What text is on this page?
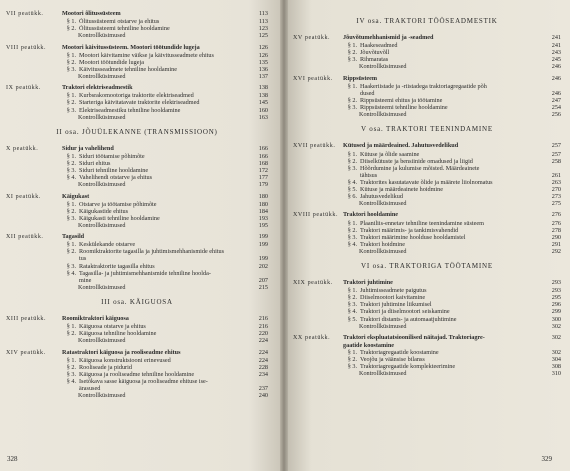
VII peatükk.	Mootori õlitussüsteem	113
§ 1. Õlitussüsteemi otstarve ja ehitus	113
§ 2. Õlitussüsteemi tehniline hooldamine	123
Kontrollküsimused	125
VIII peatükk.	Mootori käivitussüsteem. Mootori töötundide lugeja	126
§ 1. Mootori käivitamine väikse ja käivitusseadmete ehitus	126
§ 2. Mootori töötundide lugeja	135
§ 3. Käivitusseadmete tehniline hooldamine	136
Kontrollküsimused	137
IX peatükk.	Traktori elektriseadmestik	138
§ 1. Kurbsrakomootoriga traktorite elektriseadmed	138
§ 2. Starteriga käivitatavate traktorite elektriseadmed	145
§ 3. Elektriseadmestiku tehniline hooldamine	160
Kontrollküsimused	163
II osa. JÕUÜLEKANNE (TRANSMISSIOON)
X peatükk.	Sidur ja vahelihend	166
§ 1. Siduri töötamise põhimõte	166
§ 2. Siduri ehitus	168
§ 3. Siduri tehniline hooldamine	172
§ 4. Vahelihendi otstarve ja ehitus	177
Kontrollküsimused	179
XI peatükk.	Käigukast	180
§ 1. Otstarve ja töötamise põhimõte	180
§ 2. Käigukastide ehitus	184
§ 3. Käigukasti tehniline hooldamine	193
Kontrollküsimused	195
XII peatükk.	Tagasild	199
§ 1. Keskülekande otstarve	199
§ 2. Roomiktraktorite tagasilla ja juhtimismehhanismide ehitus
tus	199
§ 3. Rataktraktorite tagasilla ehitus	202
§ 4. Tagasilla- ja juhtimismehhanismide tehniline hoolda-
mine	207
Kontrollküsimused	215
III osa. KÄIGUOSA
XIII peatükk.	Roomiktraktori käiguosa	216
§ 1. Käiguosa otstarve ja ehitus	216
§ 2. Käiguosa tehniline hooldamine	220
Kontrollküsimused	224
XIV peatükk.	Ratastraktori käiguosa ja rooliseadme ehitus	224
§ 1. Käiguosa konstruktsiooni erinevused	224
§ 2. Rooliseade ja pidurid	228
§ 3. Käiguosa ja rooliseadme tehniline hooldamine	234
§ 4. Isetõkava sasse käiguosa ja rooliseadme ehituse ise-
ärasused	237
Kontrollküsimused	240
328
IV osa. TRAKTORI TÖÖSEADMESTIK
XV peatükk.	Jõuvõtumehhanismid ja -seadmed	241
§ 1. Haakeseadmed	241
§ 2. Jõuvõtuvõll	243
§ 3. Rihmaratas	245
Kontrollküsimused	246
XVI peatükk.	Rippsüsteem	246
§ 1. Haakeriistade ja -riistadega traktoriagregaatide põh
dused	246
§ 2. Rippsüsteemi ehitus ja töötamine	247
§ 3. Rippsüsteemi tehniline hooldamine	254
Kontrollküsimused	256
V osa. TRAKTORI TEENINDAMINE
XVII peatükk.	Kütused ja määrdeained. Jahutusvedelikud	257
§ 1. Kütuse ja õlide saamine	257
§ 2. Diiselkütuste ja bensiinide omadused ja liigid	258
§ 3. Hõõrdumine ja kulumise mõisted. Määrdeainete
tähtsus	261
§ 4. Traktorites kasutatavate õlide ja määrete liiolnomatus	263
§ 5. Kütuse ja määrdeainete hoidmine	270
§ 6. Jahutusvedelikud	273
Kontrollküsimused	275
XVIII peatükk. Traktori hooldamine	276
§ 1. Plaaniliis-ennetav tehniline teenindamine süsteem	276
§ 2. Traktori määrimis- ja tankimisvahendid	278
§ 3. Traktori määrimine hoolduse hooldamistel	290
§ 4. Traktori hoidmine	291
Kontrollküsimused	292
VI osa. TRAKTORIGA TÖÖTAMINE
XIX peatükk.	Traktori juhtimine	293
§ 1. Juhtimisseadmete paigutus	293
§ 2. Diiselmootori kaivitamine	295
§ 3. Traktori juhtimine liikumisel	296
§ 4. Traktori ja diiselmootori seiskamine	299
§ 5. Traktori distants- ja automaatjuhtimine	300
Kontrollküsimused	302
XX peatükk.	Traktori ekspluatatsioonilised näitajad. Traktoriagre-	302
gaatide koostamine
§ 1. Traktoriagregaatide koostamine	302
§ 2. Veojõu ja väänsise bilanss	304
§ 3. Traktoriagregaatide komplekteerimine	308
Kontrollküsimused	310
329
